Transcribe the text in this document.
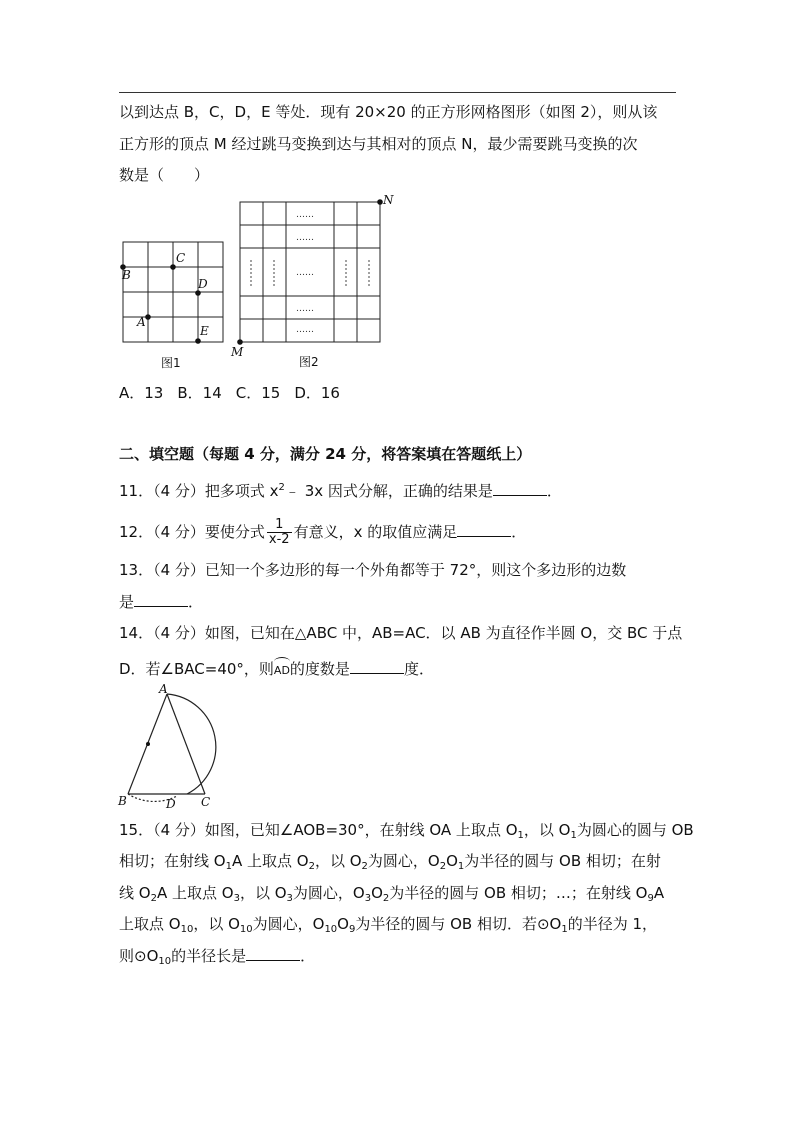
以到达点 B，C，D，E 等处．现有 20×20 的正方形网格图形（如图 2），则从该
正方形的顶点 M 经过跳马变换到达与其相对的顶点 N，最少需要跳马变换的次
数是（　　）
B
C
D
A
E
图1
……
……
……
……
……
M
N
图2
A．13 B．14 C．15 D．16
二、填空题（每题 4 分，满分 24 分，将答案填在答题纸上）
11．（4 分）把多项式 $x^2﹣$ 3x 因式分解，正确的结果是	．
12．（4 分）要使分式 $\frac{1}{x-2}$ 有意义，x 的取值应满足	．
13．（4 分）已知一个多边形的每一个外角都等于 72°，则这个多边形的边数
是	．
14．（4 分）如图，已知在△ABC 中，AB=AC．以 AB 为直径作半圆 O，交 BC 于点
D．若∠BAC=40°，则AD的度数是	度．
A
B	D C
15．（4 分）如图，已知∠AOB=30°，在射线 OA 上取点 $O_1$，以 $O_1$为圆心的圆与 OB
相切；在射线 $O_1A$ 上取点 $O_2$，以 $O_2$为圆心，$O_2O_1$为半径的圆与 OB 相切；在射
线 $O_2A$ 上取点 $O_3$，以 $O_3$为圆心，$O_3O_2$为半径的圆与 OB 相切；…；在射线 $O_9A$
上取点 $O_{10}$，以 $O_{10}$为圆心，$O_{10}O_9$为半径的圆与 OB 相切．若$⊙O_1$的半径为 1，
则$⊙O_{10}$的半径长是	．
